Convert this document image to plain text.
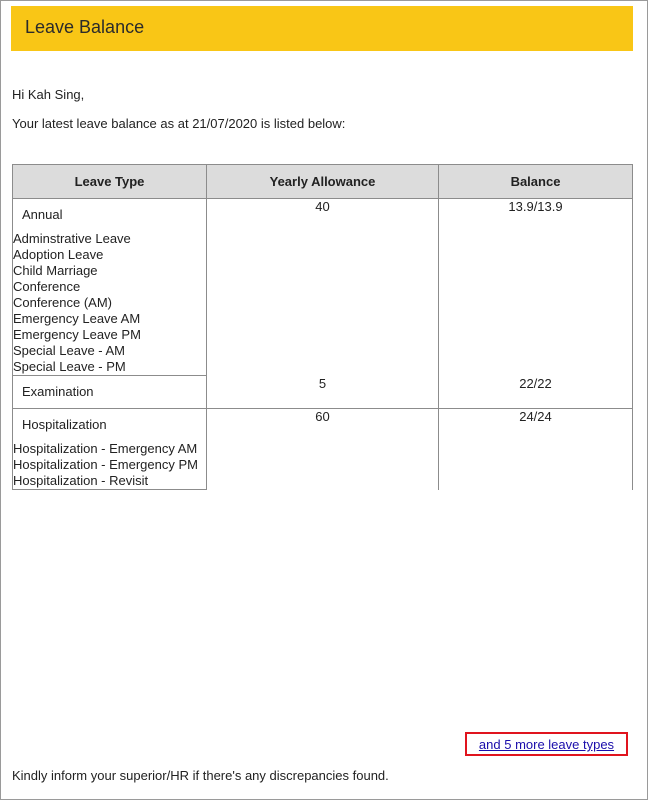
Leave Balance
Hi Kah Sing,
Your latest leave balance as at 21/07/2020 is listed below:
Leave Type	Yearly Allowance	Balance

Annual	40	13.9/13.9
Adminstrative Leave		
Adoption Leave		
Child Marriage		
Conference		
Conference (AM)		
Emergency Leave AM		
Emergency Leave PM		
Special Leave - AM		
Special Leave - PM		

Examination	5	22/22

Hospitalization	60	24/24
Hospitalization - Emergency AM		
Hospitalization - Emergency PM		
Hospitalization - Revisit		
and 5 more leave types
Kindly inform your superior/HR if there's any discrepancies found.
